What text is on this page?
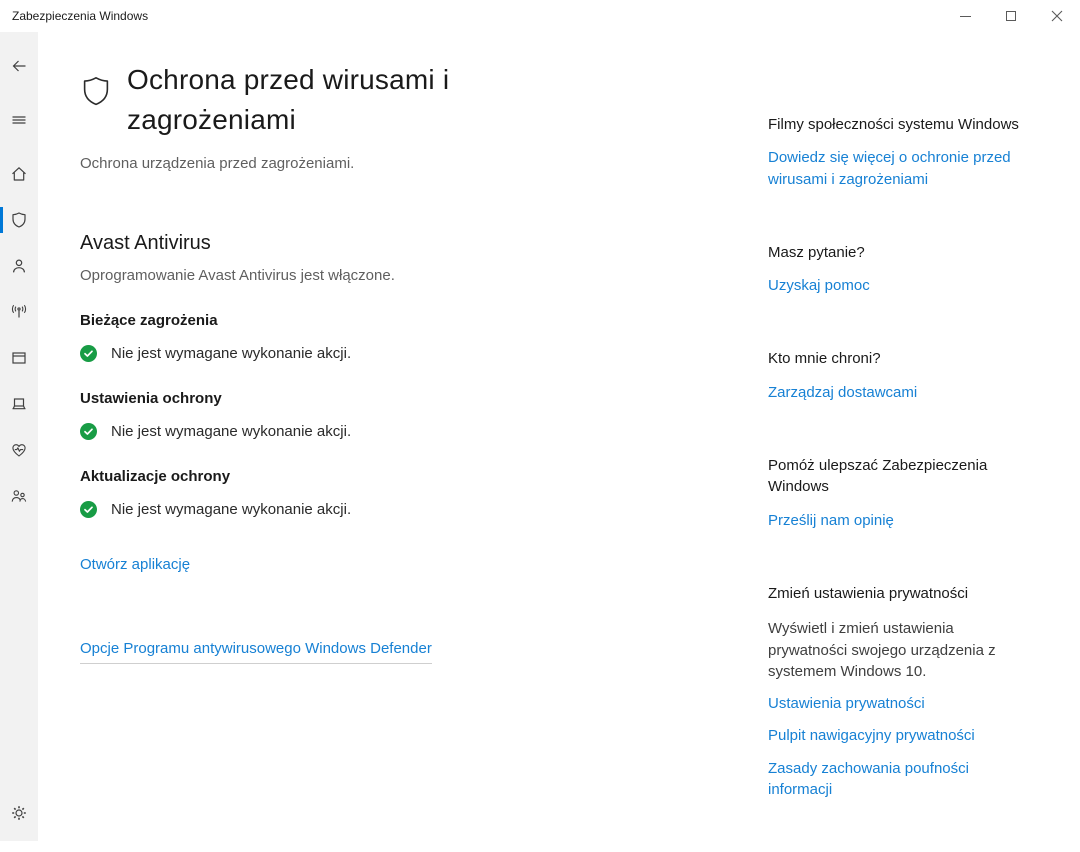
Zabezpieczenia Windows
Ochrona przed wirusami i zagrożeniami
Ochrona urządzenia przed zagrożeniami.
Avast Antivirus
Oprogramowanie Avast Antivirus jest włączone.
Bieżące zagrożenia
Nie jest wymagane wykonanie akcji.
Ustawienia ochrony
Nie jest wymagane wykonanie akcji.
Aktualizacje ochrony
Nie jest wymagane wykonanie akcji.

Otwórz aplikację
Opcje Programu antywirusowego Windows Defender
Filmy społeczności systemu Windows
Dowiedz się więcej o ochronie przed wirusami i zagrożeniami
Masz pytanie?
Uzyskaj pomoc
Kto mnie chroni?
Zarządzaj dostawcami
Pomóż ulepszać Zabezpieczenia Windows
Prześlij nam opinię
Zmień ustawienia prywatności
Wyświetl i zmień ustawienia prywatności swojego urządzenia z systemem Windows 10.
Ustawienia prywatności
Pulpit nawigacyjny prywatności
Zasady zachowania poufności informacji
